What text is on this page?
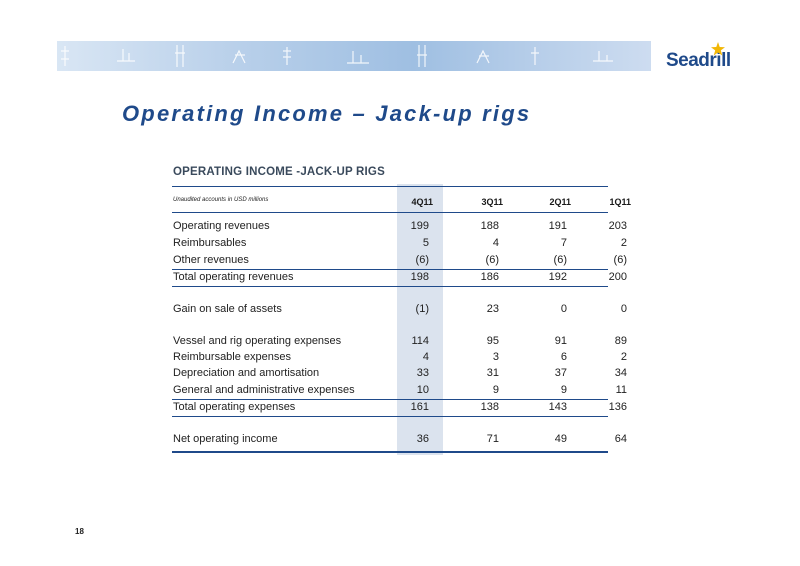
Seadrill
Operating Income – Jack-up rigs
OPERATING INCOME -JACK-UP RIGS
Unaudited accounts in USD millions	4Q11	3Q11	2Q11	1Q11
Operating revenues	199	188	191	203
Reimbursables	5	4	7	2
Other revenues	(6)	(6)	(6)	(6)
Total operating revenues	198	186	192	200
Gain on sale of assets	(1)	23	0	0
Vessel and rig operating expenses	114	95	91	89
Reimbursable expenses	4	3	6	2
Depreciation and amortisation	33	31	37	34
General and administrative expenses	10	9	9	11
Total operating expenses	161	138	143	136
Net operating income	36	71	49	64
18
